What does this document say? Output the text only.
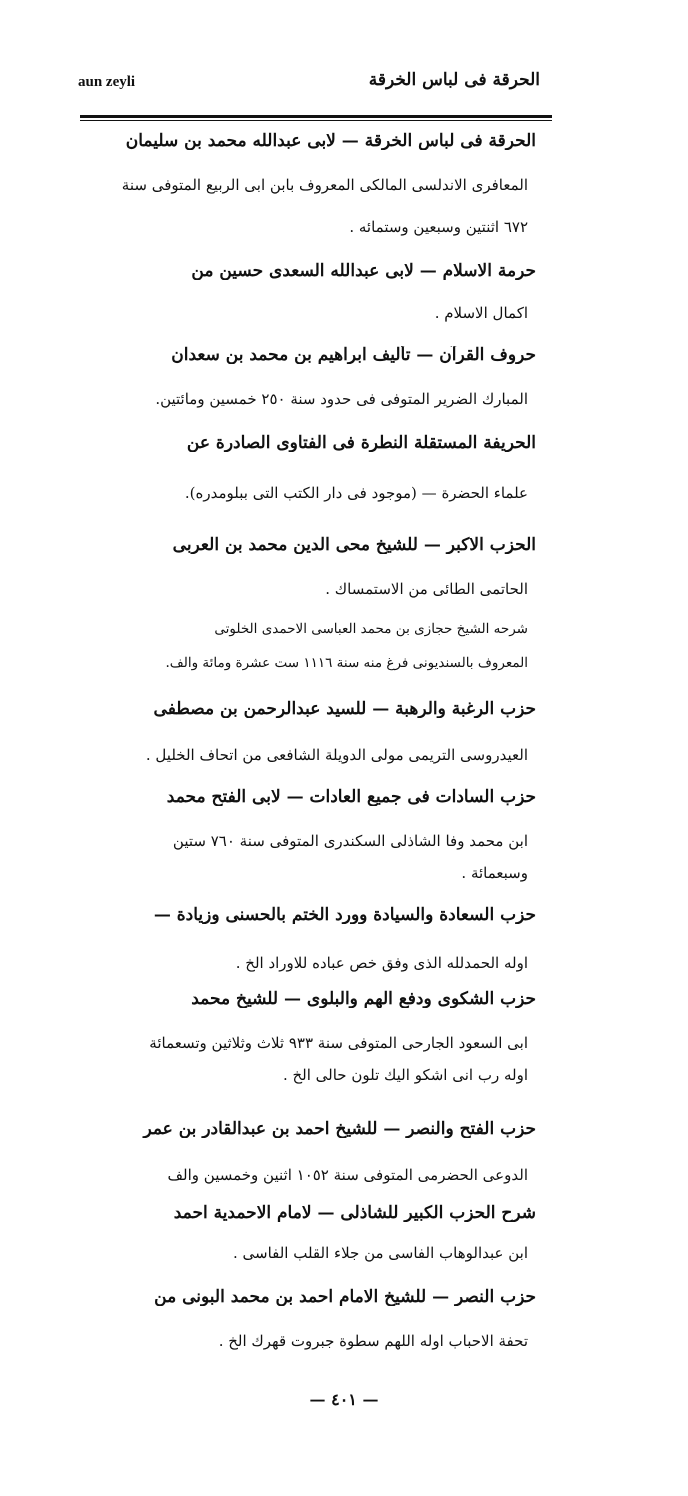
aun zeyli	الحرقة فى لباس الخرقة
الحرقة فى لباس الخرقة — لابى عبدالله محمد بن سليمان
المعافرى الاندلسى المالكى المعروف بابن ابى الربيع المتوفى سنة
٦٧٢ اثنتين وسبعين وستمائه .
حرمة الاسلام — لابى عبدالله السعدى حسين من
اكمال الاسلام .
حروف القرآن — تأليف ابراهيم بن محمد بن سعدان
المبارك الضرير المتوفى فى حدود سنة ٢٥٠ خمسين ومائتين.
الحريفة المستقلة النطرة فى الفتاوى الصادرة عن
علماء الحضرة — (موجود فى دار الكتب التى ببلومدره).
الحزب الاكبر — للشيخ محى الدين محمد بن العربى
الحاتمى الطائى من الاستمساك .
شرحه الشيخ حجازى بن محمد العباسى الاحمدى الخلوتى
المعروف بالسنديونى فرغ منه سنة ١١١٦ ست عشرة ومائة والف.
حزب الرغبة والرهبة — للسيد عبدالرحمن بن مصطفى
العيدروسى التريمى مولى الدويلة الشافعى من اتحاف الخليل .
حزب السادات فى جميع العادات — لابى الفتح محمد
ابن محمد وفا الشاذلى السكندرى المتوفى سنة ٧٦٠ ستين
وسبعمائة .
حزب السعادة والسيادة وورد الختم بالحسنى وزيادة —
اوله الحمدلله الذى وفق خص عباده للاوراد الخ .
حزب الشكوى ودفع الهم والبلوى — للشيخ محمد
ابى السعود الجارحى المتوفى سنة ٩٣٣ ثلاث وثلاثين وتسعمائة
اوله رب انى اشكو اليك تلون حالى الخ .
حزب الفتح والنصر — للشيخ احمد بن عبدالقادر بن عمر
الدوعى الحضرمى المتوفى سنة ١٠٥٢ اثنين وخمسين والف
شرح الحزب الكبير للشاذلى — لامام الاحمدية احمد
ابن عبدالوهاب الفاسى من جلاء القلب الفاسى .
حزب النصر — للشيخ الامام احمد بن محمد البونى من
تحفة الاحباب اوله اللهم سطوة جبروت قهرك الخ .
— ٤٠١ —
